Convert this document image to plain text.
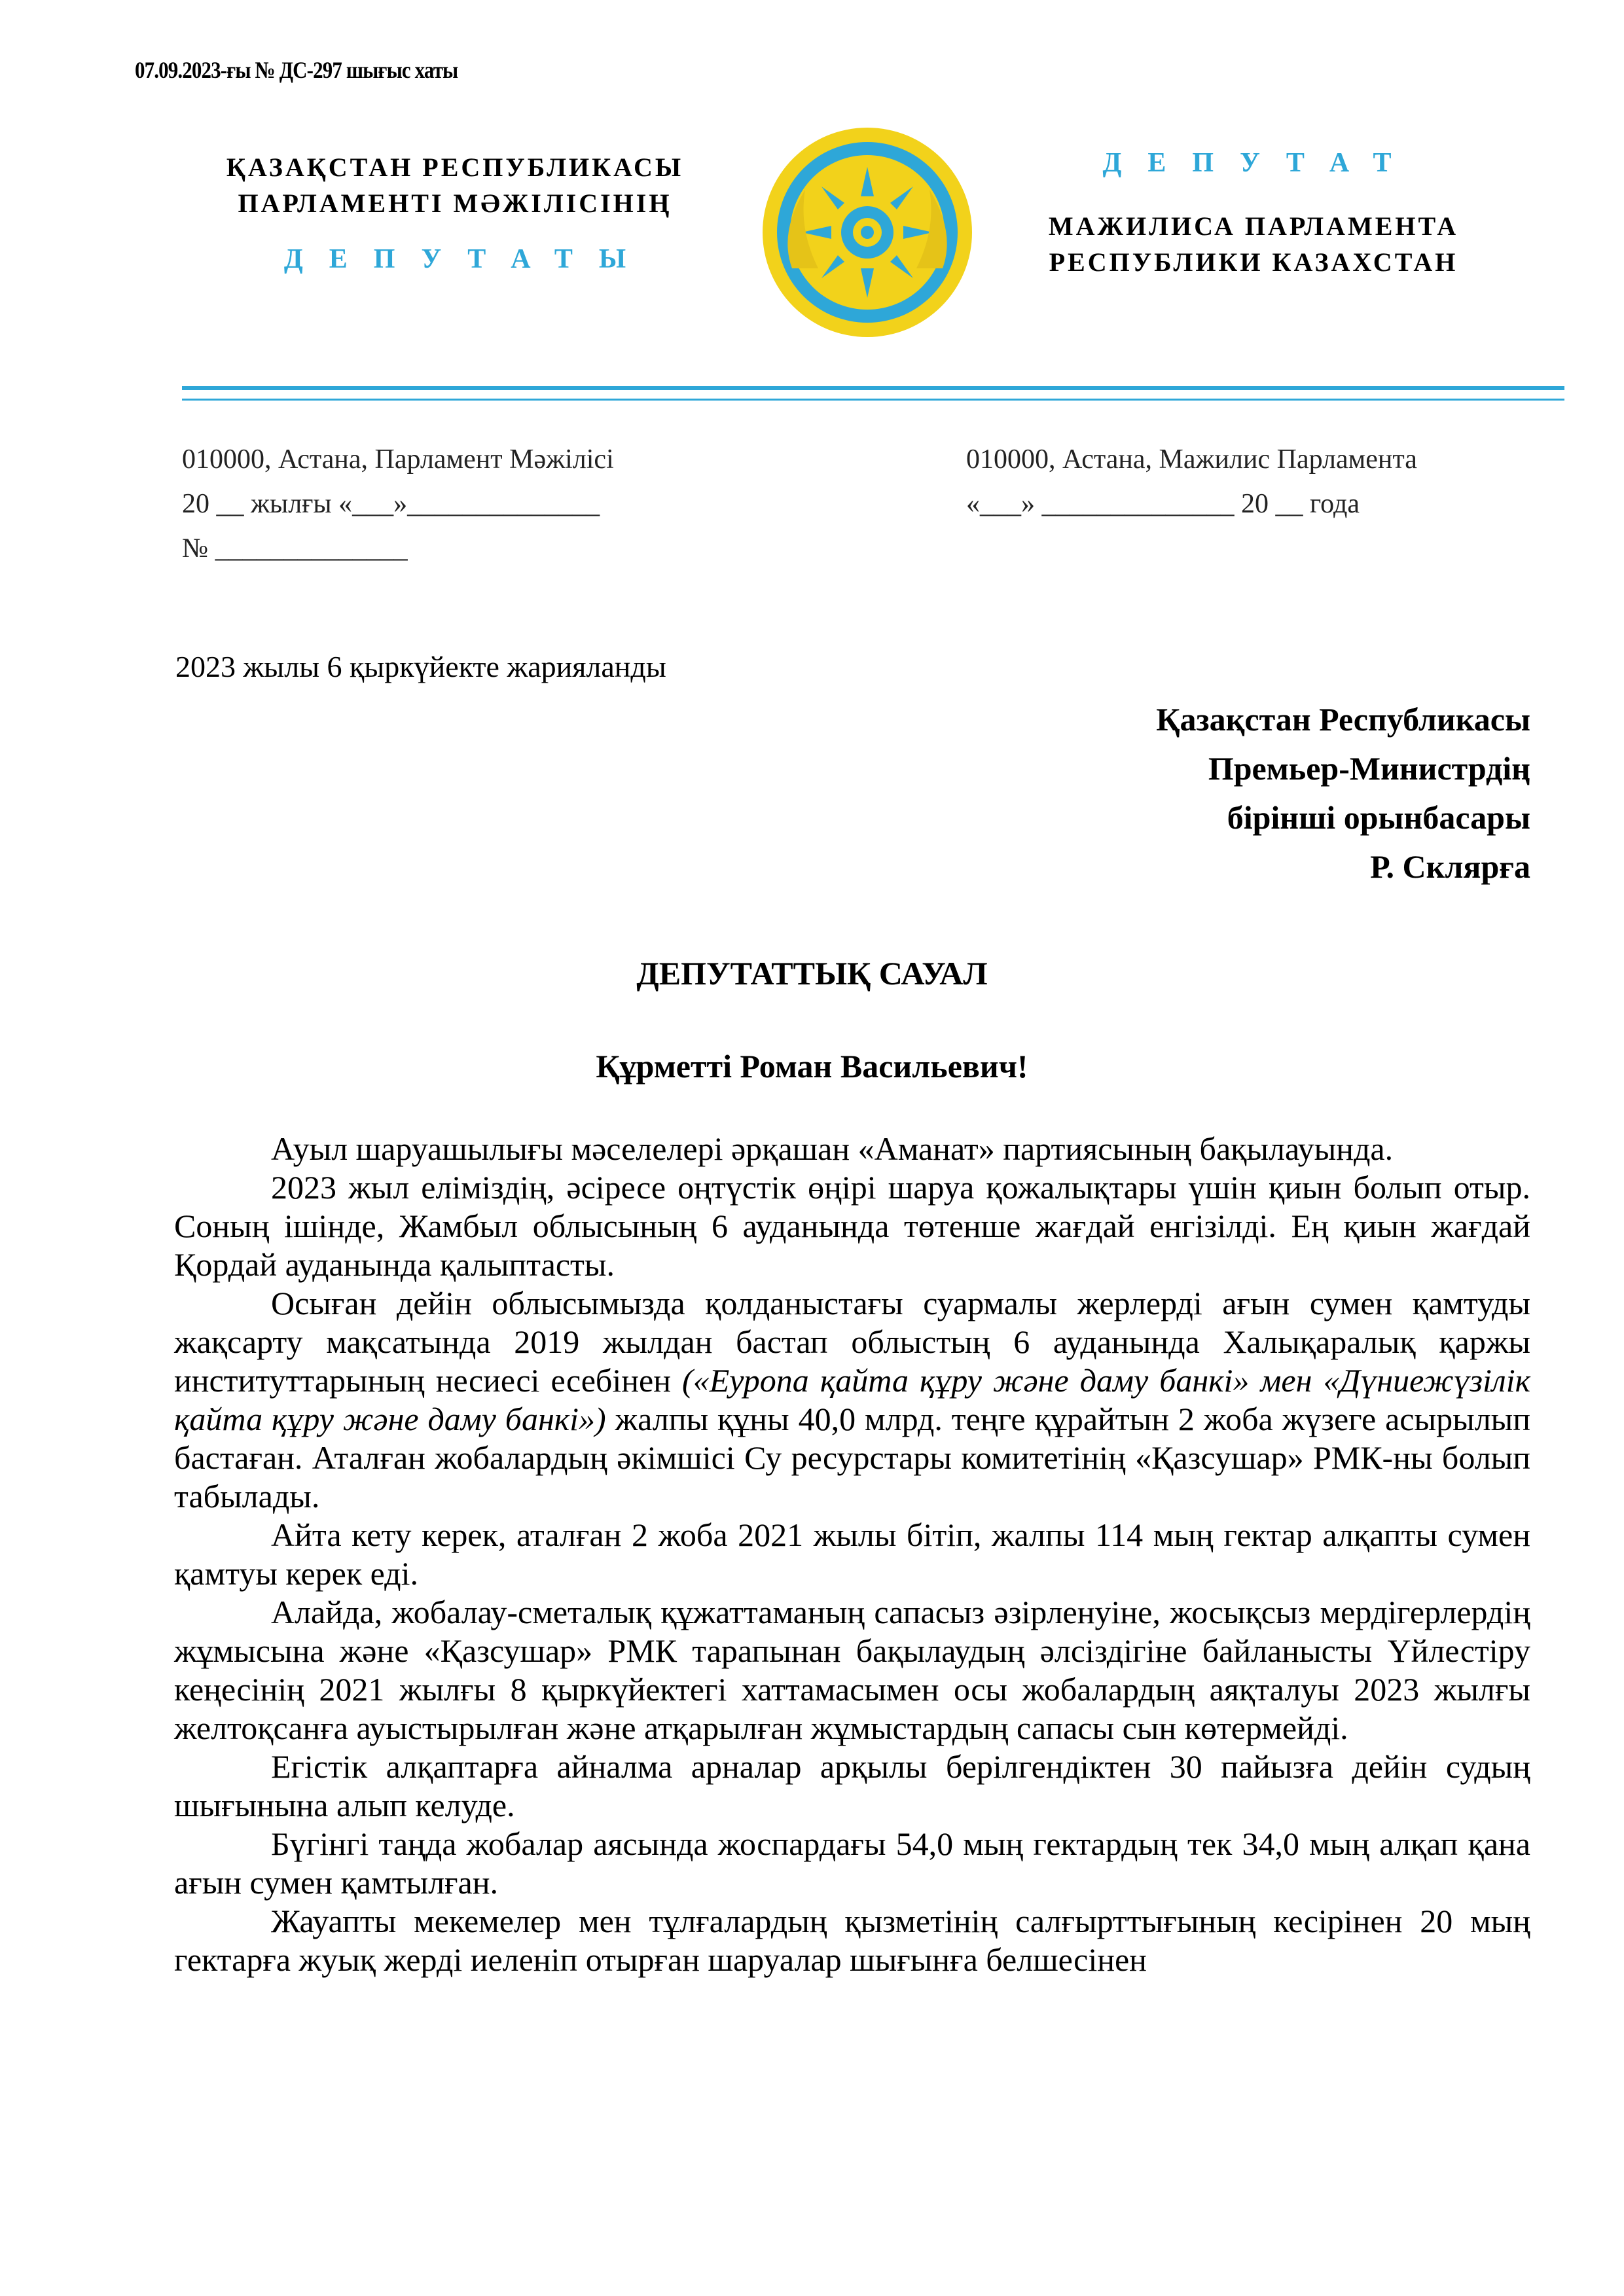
07.09.2023-ғы № ДС-297 шығыс хаты
ҚАЗАҚСТАН РЕСПУБЛИКАСЫ
ПАРЛАМЕНТІ МӘЖІЛІСІНІҢ
ДЕПУТАТЫ
ДЕПУТАТ
МАЖИЛИСА ПАРЛАМЕНТА
РЕСПУБЛИКИ КАЗАХСТАН
010000, Астана, Парламент Мәжілісі
20 __ жылғы «___»______________
№ ______________
010000, Астана, Мажилис Парламента
«___» ______________ 20 __ года
2023 жылы 6 қыркүйекте жарияланды
Қазақстан Республикасы
Премьер-Министрдің
бірінші орынбасары
Р. Склярға
ДЕПУТАТТЫҚ САУАЛ
Құрметті Роман Васильевич!

Ауыл шаруашылығы мәселелері әрқашан «Аманат» партиясының бақылауында.

2023 жыл еліміздің, әсіресе оңтүстік өңірі шаруа қожалықтары үшін қиын болып отыр. Соның ішінде, Жамбыл облысының 6 ауданында төтенше жағдай енгізілді. Ең қиын жағдай Қордай ауданында қалыптасты.

Осыған дейін облысымызда қолданыстағы суармалы жерлерді ағын сумен қамтуды жақсарту мақсатында 2019 жылдан бастап облыстың 6 ауданында Халықаралық қаржы институттарының несиесі есебінен («Еуропа қайта құру және даму банкі» мен «Дүниежүзілік қайта құру және даму банкі») жалпы құны 40,0 млрд. теңге құрайтын 2 жоба жүзеге асырылып бастаған. Аталған жобалардың әкімшісі Су ресурстары комитетінің «Қазсушар» РМК-ны болып табылады.

Айта кету керек, аталған 2 жоба 2021 жылы бітіп, жалпы 114 мың гектар алқапты сумен қамтуы керек еді.

Алайда, жобалау-сметалық құжаттаманың сапасыз әзірленуіне, жосықсыз мердігерлердің жұмысына және «Қазсушар» РМК тарапынан бақылаудың әлсіздігіне байланысты Үйлестіру кеңесінің 2021 жылғы 8 қыркүйектегі хаттамасымен осы жобалардың аяқталуы 2023 жылғы желтоқсанға ауыстырылған және атқарылған жұмыстардың сапасы сын көтермейді.

Егістік алқаптарға айналма арналар арқылы берілгендіктен 30 пайызға дейін судың шығынына алып келуде.

Бүгінгі таңда жобалар аясында жоспардағы 54,0 мың гектардың тек 34,0 мың алқап қана ағын сумен қамтылған.

Жауапты мекемелер мен тұлғалардың қызметінің салғырттығының кесірінен 20 мың гектарға жуық жерді иеленіп отырған шаруалар шығынға белшесінен
